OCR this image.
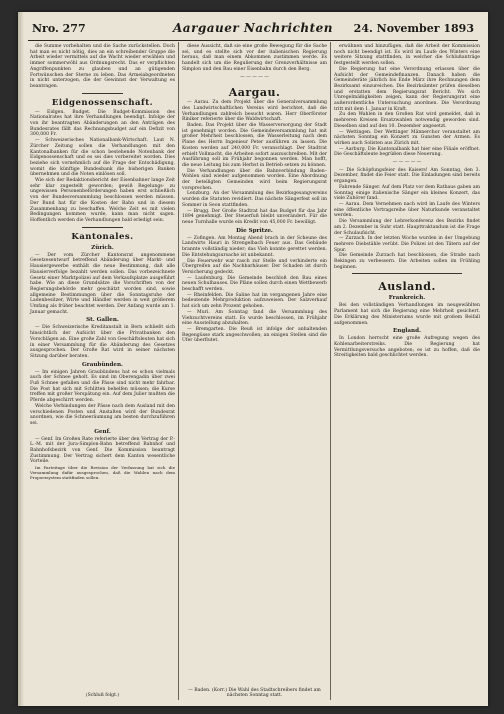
Nro. 277	Aargauer Nachrichten	24. November 1893

die Summe vorbehalten und die Sache zurückstellen. Doch hat man es nicht nötig, dies an ein schreibender Gruppe die Arbeit wieder vermittels auf die Wacht wieder erwählen und immer sommerwöhl aus Ordnungsrecht. Das er verpflichten Angriffenpunkten zu glauben und an gütigenden Fortwünschen der Sterne zu leben. Das Armeiabgeordneten in nicht unterzogen, die der Gewinnst der Verwaltung es beantragen.

Eidgenossenschaft.

— Eidgen. Budget. Die Budget-Kommission des Nationalrates hat ihre Verhandlungen beendigt. Infolge der von ihr beantragten Abänderungen an den Anträgen des Bundesrates fällt das Rechnungsbudget auf ein Defizit von 300,000 Fr.

— Schweizerisches Nationalbank-Wirtschaft. Laut N. Zürcher Zeitung sollen die Verhandlungen mit den Kantonalbanken für die schon bestehende Notenbank der Eidgenossenschaft und es sei dies vorbereitet worden. Dies beziehe sich vornehmlich auf die Frage der Entschädigung, womit die künftige Bundesbank die bisherigen Banken übernehmen und die Noten einlösen soll.

Wie sich der Redaktionsbericht der Eisenbahner lange Zeit sehr klar zugestellt geworden; gewiß Regelungs- zu ungewissen Personenbeförderungen haben erst schließlich von der Bundesversammlung beschlossen werden müssen. Der Bund hat für die Kosten der Bahn und in diesem Zusammenhang zu beschaffen. Welche Zeit es mit vielen Bedingungen kommen wurde, kann man nicht sagen. Hoffentlich werden die Verhandlungen bald erledigt sein.

Kantonales.
Zürich.

— Der vom Zürcher Kantonsrat angenommene Gesetzesentwurf betreffend Abänderung über Markt- und Hausiergewerbe enthält die neue Bestimmung, daß alle Hausierverfolge bezahlt werden sollen. Das vorbezeichnete Gesetz einer Marktpolizei auf dem Verkaufsplatze ausgeführt habe. Wie an diese Grundsätze die Vorschriften von der Regierungsbehörde mehr geschätzt worden sind, sowie allgemeine Bestimmungen über die Sonntagsruhe der Ladenbesitzer, Wirte und Händler werden in weit größerem Umfang als früher beachtet werden. Der Anfang wurde am 1. Januar gemacht.

St. Gallen.

— Die Schweizerische Kreditanstalt in Bern schließt sich hinsichtlich der Aufsicht über die Privatbanken den Vorschlägen an. Eine große Zahl von Geschäftsleuten hat sich in einer Versammlung für die Abänderung des Gesetzes ausgesprochen. Der Große Rat wird in seiner nächsten Sitzung darüber beraten.

Graubünden.

— Im einigen Jahren Graubündens hat es schon vielmals auch der Schnee geholt. Es sind im Oberengadin über zwei Fuß Schnee gefallen und die Pässe sind nicht mehr fahrbar. Die Post hat sich mit Schlitten behelfen müssen; die Kurse treffen mit großer Verspätung ein. Auf dem Julier mußten die Pferde abgeschirrt werden.

Welche Verbindungen der Pässe nach dem Ausland mit den verschiedenen Posten und Anstalten wird der Bundesrat anordnen, wie die Schneeräumung am besten durchzuführen sei.

Genf.

— Genf. Im Großen Rate referierte über den Vertrag der P.-L.-M. mit der Jura-Simplon-Bahn betreffend Bahnhof und Bahnhofsbezirk von Genf. Die Kommission beantragt Zustimmung. Der Vertrag sichert dem Kanton wesentliche Vorteile.

Im Parteitage über die Revision der Verfassung hat sich die Versammlung dafür ausgesprochen, daß die Wahlen nach dem Proporzsystem stattfinden sollen.

(Schluß folgt.)

diese Aussicht, daß sie eine große Bewegung für die Sache sei, und es stellte sich vor der italienischen Regierung heraus, daß man einem Abkommen zustimmen werde. Es handelt sich um die Regulierung der Grenzverhältnisse am Simplon und den Bau einer Eisenbahn durch den Berg.

— — — — —
Aargau.

— Aarau. Zu dem Projekt über die Generalversammlung des Landwirtschaftlichen Vereins wird berichtet, daß die Verhandlungen zahlreich besucht waren. Herr Oberförster Riniker referierte über die Waldwirtschaft.

Baden. Das Projekt über die Wasserversorgung der Stadt ist genehmigt worden. Die Gemeindeversammlung hat mit großer Mehrheit beschlossen, die Wasserleitung nach dem Plane des Herrn Ingenieur Peter ausführen zu lassen. Die Kosten werden auf 240,000 Fr. veranschlagt. Der Stadtrat erhielt Vollmacht, die Arbeiten sofort auszuschreiben. Mit der Ausführung soll im Frühjahr begonnen werden. Man hofft, die neue Leitung bis zum Herbst in Betrieb setzen zu können.

Die Verhandlungen über die Bahnverbindung Baden–Wohlen sind wieder aufgenommen worden. Eine Abordnung der beteiligten Gemeinden wird beim Regierungsrat vorsprechen.

Lenzburg. An der Versammlung des Bezirksgesangvereins wurden die Statuten revidiert. Das nächste Sängerfest soll im Sommer in Seon stattfinden.

— Brugg. Der Große Stadtrat hat das Budget für das Jahr 1894 genehmigt. Der Steuerfuß bleibt unverändert. Für die neue Turnhalle wurde ein Kredit von 45,000 Fr. bewilligt.

Die Spritze.

— Zofingen. Am Montag Abend brach in der Scheune des Landwirts Hauri in Strengelbach Feuer aus. Das Gebäude brannte vollständig nieder; das Vieh konnte gerettet werden. Die Entstehungsursache ist unbekannt.

Die Feuerwehr war rasch zur Stelle und verhinderte ein Übergreifen auf die Nachbarhäuser. Der Schaden ist durch Versicherung gedeckt.

— Laufenburg. Die Gemeinde beschloß den Bau eines neuen Schulhauses. Die Pläne sollen durch einen Wettbewerb beschafft werden.

— Rheinfelden. Die Saline hat im vergangenen Jahre eine bedeutende Mehrproduktion aufzuweisen. Der Salzverkauf hat sich um zehn Prozent gehoben.

— Muri. Am Sonntag fand die Versammlung des Viehzuchtvereins statt. Es wurde beschlossen, im Frühjahr eine Ausstellung abzuhalten.

— Bremgarten. Die Reuß ist infolge der anhaltenden Regengüsse stark angeschwollen; an einigen Stellen sind die Ufer überflutet.

— Baden. (Korr.) Die Wahl des Stadtschreibers findet am nächsten Sonntag statt.

erwähnen und hinzufügen, daß die Arbeit der Kommission noch nicht beendigt ist. Es wird im Laufe des Winters eine weitere Sitzung stattfinden, in welcher die Schlußanträge festgestellt werden sollen.

Die Regierung hat eine Verordnung erlassen über die Aufsicht der Gemeindefinanzen. Danach haben die Gemeinderäte jährlich bis Ende März ihre Rechnungen dem Bezirksamt einzureichen. Die Bezirksämter prüfen dieselben und erstatten dem Regierungsrat Bericht. Wo sich Unregelmäßigkeiten zeigen, kann der Regierungsrat eine außerordentliche Untersuchung anordnen. Die Verordnung tritt mit dem 1. Januar in Kraft.

Zu den Wahlen in den Großen Rat wird gemeldet, daß in mehreren Kreisen Ersatzwahlen notwendig geworden sind. Dieselben sind auf den 10. Dezember angesetzt.

— Wettingen. Der Wettinger Männerchor veranstaltet am nächsten Sonntag ein Konzert zu Gunsten der Armen. Es wirken auch Solisten aus Zürich mit.

— Aarburg. Die Kantonalbank hat hier eine Filiale eröffnet. Die Geschäftsleute begrüßen diese Neuerung.

— — — — —

— Die Schöpfungsfeier des Kaisers! Am Sonntag, den 3. Dezember, findet die Feier statt. Die Einladungen sind bereits ergangen.

Fahrende Sänger. Auf dem Platz vor dem Rathaus gaben am Sonntag einige italienische Sänger ein kleines Konzert, das viele Zuhörer fand.

— Aarau. Dem Vernehmen nach wird im Laufe des Winters eine öffentliche Vortragsreihe über Naturkunde veranstaltet werden.

Die Versammlung der Lehrerkonferenz des Bezirks findet am 2. Dezember in Suhr statt. Haupttraktandum ist die Frage der Schulaufsicht.

— Zurzach. In der letzten Woche wurden in der Umgebung mehrere Diebstähle verübt. Die Polizei ist den Tätern auf der Spur.

Die Gemeinde Zurzach hat beschlossen, die Straße nach Rekingen zu verbessern. Die Arbeiten sollen im Frühling beginnen.

Ausland.
Frankreich.

Bei den vollständigen Verhandlungen im neugewählten Parlament hat sich die Regierung eine Mehrheit gesichert. Die Erklärung des Ministeriums wurde mit großem Beifall aufgenommen.

England.

In London herrscht eine große Aufregung wegen des Kohlenarbeiterstreiks. Die Regierung hat Vermittlungsversuche angeboten; es ist zu hoffen, daß die Streitigkeiten bald geschlichtet werden.
